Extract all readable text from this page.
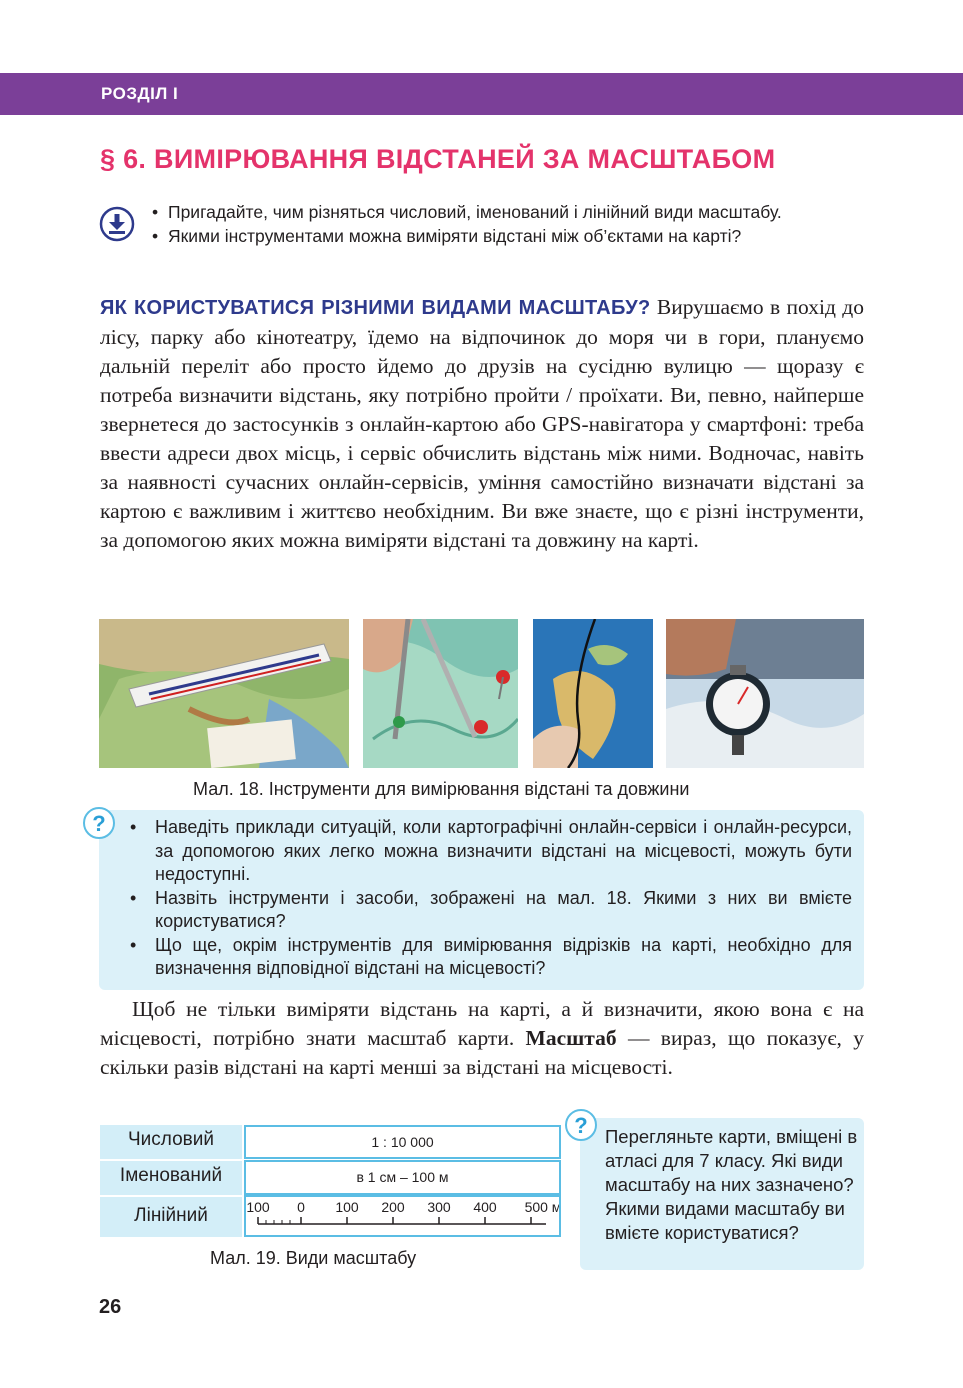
РОЗДІЛ І
§ 6. ВИМІРЮВАННЯ ВІДСТАНЕЙ ЗА МАСШТАБОМ
• Пригадайте, чим різняться числовий, іменований і лінійний види масштабу.
• Якими інструментами можна виміряти відстані між об’єктами на карті?

ЯК КОРИСТУВАТИСЯ РІЗНИМИ ВИДАМИ МАСШТАБУ? Вирушаємо в похід до лісу, парку або кінотеатру, їдемо на відпочинок до моря чи в гори, плануємо дальній переліт або просто йдемо до друзів на сусідню вулицю — щоразу є потреба визначити відстань, яку потрібно пройти / проїхати. Ви, певно, найперше звернетеся до застосунків з онлайн-картою або GPS-навігатора у смартфоні: треба ввести адреси двох місць, і сервіс обчислить відстань між ними. Водночас, навіть за наявності сучасних онлайн-сервісів, уміння самостійно визначати відстані за картою є важливим і життєво необхідним. Ви вже знаєте, що є різні інструменти, за допомогою яких можна виміряти відстані та довжину на карті.

Мал. 18. Інструменти для вимірювання відстані та довжини
?
•	Наведіть приклади ситуацій, коли картографічні онлайн-сервіси і онлайн-ресурси, за допомогою яких легко можна визначити відстані на місцевості, можуть бути недоступні.
• Назвіть інструменти і засоби, зображені на мал. 18. Якими з них ви вмієте користуватися?
• Що ще, окрім інструментів для вимірювання відрізків на карті, необхідно для визначення відповідної відстані на місцевості?

Щоб не тільки виміряти відстань на карті, а й визначити, якою вона є на місцевості, потрібно знати масштаб карти. Масштаб — вираз, що показує, у скільки разів відстані на карті менші за відстані на місцевості.

Числовий
Іменований
Лінійний
1 : 10 000
в 1 см – 100 м
100 0 100 200 300 400 500 м
Мал. 19. Види масштабу
? Перегляньте карти, вміщені в атласі для 7 класу. Які види масштабу на них зазначено? Якими видами масштабу ви вмієте користуватися?
26
